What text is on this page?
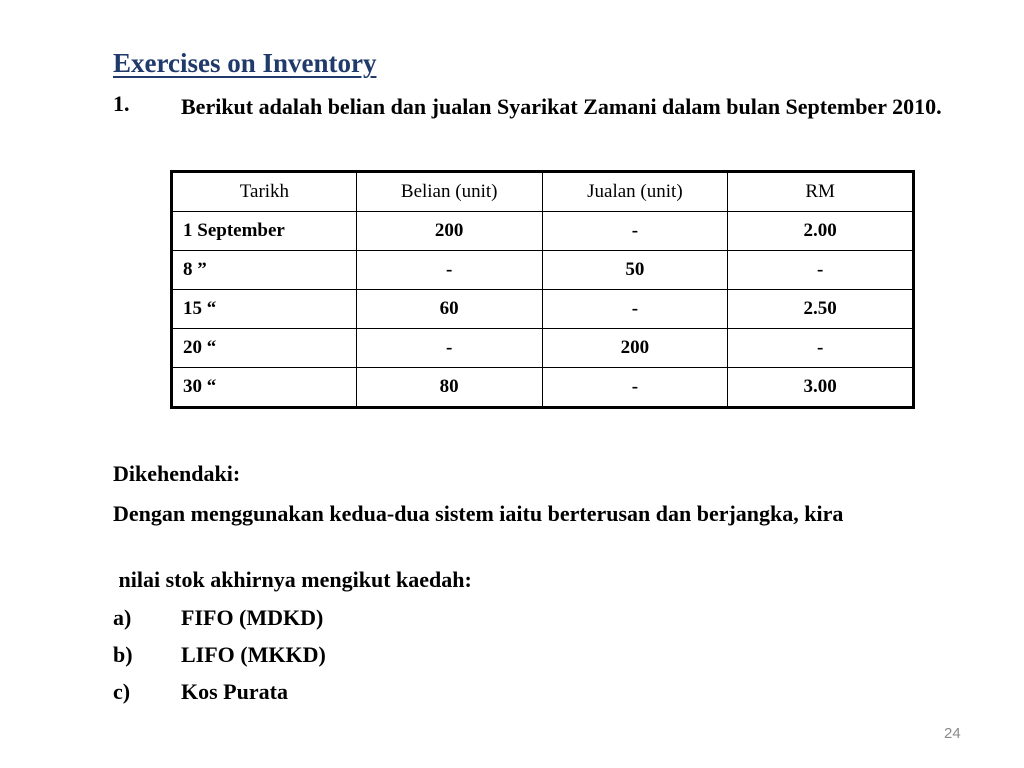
Exercises on Inventory
1. Berikut adalah belian dan jualan Syarikat Zamani dalam bulan September 2010.
Tarikh	Belian (unit)	Jualan (unit)	RM
1 September	200	-	2.00
8 ”	-	50	-
15 “	60	-	2.50
20 “	-	200	-
30 “	80	-	3.00
Dikehendaki:
Dengan menggunakan kedua-dua sistem iaitu berterusan dan berjangka, kira
nilai stok akhirnya mengikut kaedah:
a) FIFO (MDKD)
b) LIFO (MKKD)
c) Kos Purata
24
